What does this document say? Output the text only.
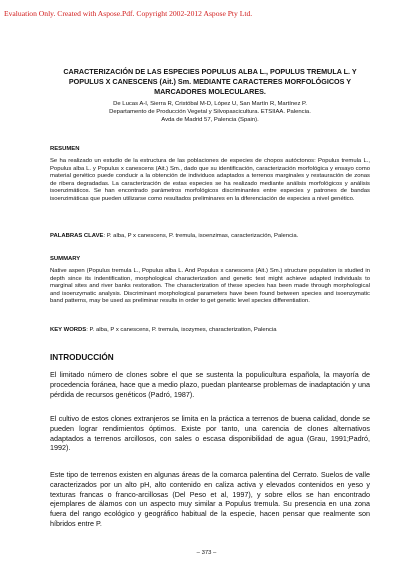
Evaluation Only. Created with Aspose.Pdf. Copyright 2002-2012 Aspose Pty Ltd.
CARACTERIZACIÓN DE LAS ESPECIES POPULUS ALBA L., POPULUS TREMULA L. Y POPULUS X CANESCENS (Ait.) Sm. MEDIANTE CARACTERES MORFOLÓGICOS Y MARCADORES MOLECULARES.
De Lucas A-I, Sierra R, Cristóbal M-D, López U, San Martín R, Martínez P.
Departamento de Producción Vegetal y Silvopascicultura. ETSIIAA. Palencia.
Avda de Madrid 57, Palencia (Spain).
RESUMEN

Se ha realizado un estudio de la estructura de las poblaciones de especies de chopos autóctonos: Populus tremula L., Populus alba L. y Populus x canescens (Ait.) Sm., dado que su identificación, caracterización morfológica y ensayo como material genético puede conducir a la obtención de individuos adaptados a terrenos marginales y restauración de zonas de ribera degradadas. La caracterización de estas especies se ha realizado mediante análisis morfológicos y análisis isoenzimáticos. Se han encontrado parámetros morfológicos discriminantes entre especies y patrones de bandas isoenzimáticas que pueden utilizarse como resultados preliminares en la diferenciación de especies a nivel genético.

PALABRAS CLAVE: P. alba, P x canescens, P. tremula, isoenzimas, caracterización, Palencia.
SUMMARY

Native aspen (Populus tremula L., Populus alba L. And Populus x canescens (Ait.) Sm.) structure population is studied in depth since its indentification, morphological characterization and genetic test might achieve adapted individuals to marginal sites and river banks restoration. The characterization of these species has been made through morphological and isoenzymatic analysis. Discriminant morphological parameters have been found between species and isoenzymatic band patterns, may be used as preliminar results in order to get genetic level species differentiation.

KEY WORDS: P. alba, P x canescens, P. tremula, isozymes, characterization, Palencia
INTRODUCCIÓN

El limitado número de clones sobre el que se sustenta la populicultura española, la mayoría de procedencia foránea, hace que a medio plazo, puedan plantearse problemas de inadaptación y una pérdida de recursos genéticos (Padró, 1987).

El cultivo de estos clones extranjeros se limita en la práctica a terrenos de buena calidad, donde se pueden lograr rendimientos óptimos. Existe por tanto, una carencia de clones alternativos adaptados a terrenos arcillosos, con sales o escasa disponibilidad de agua (Grau, 1991;Padró, 1992).

Este tipo de terrenos existen en algunas áreas de la comarca palentina del Cerrato. Suelos de valle caracterizados por un alto pH, alto contenido en caliza activa y elevados contenidos en yeso y texturas francas o franco-arcillosas (Del Peso et al, 1997), y sobre ellos se han encontrado ejemplares de álamos con un aspecto muy similar a Populus tremula. Su presencia en una zona fuera del rango ecológico y geográfico habitual de la especie, hacen pensar que realmente son híbridos entre P.

– 373 –
